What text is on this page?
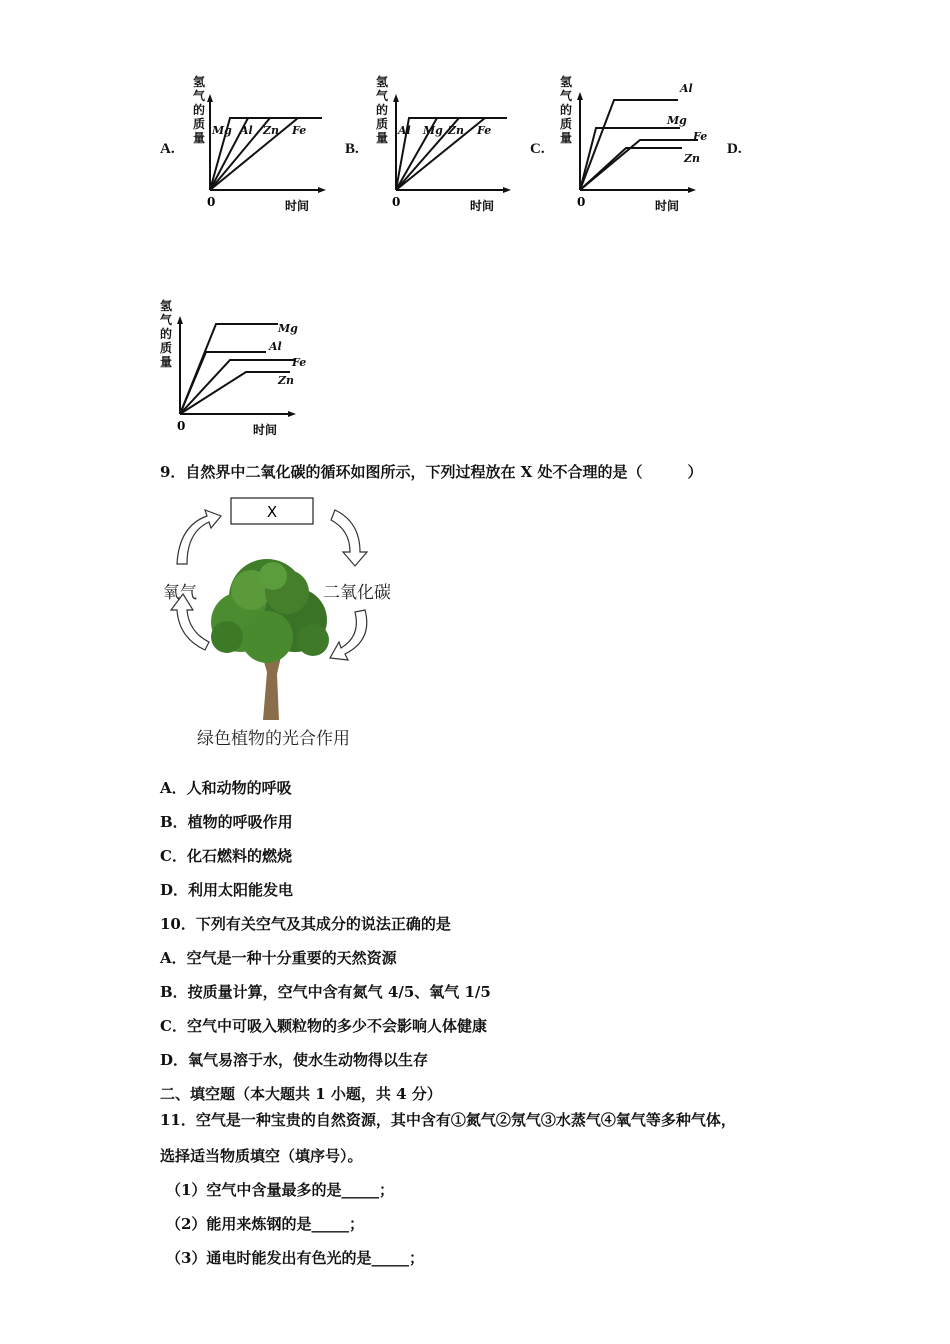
A.	B.	C.	D.
氢
气
的
质
量
Mg Al Zn Fe
0	时间
氢
气
的
质
量
Al Mg Zn Fe
0	时间
氢
气
的
质
量
Al
Mg
Fe
Zn
0	时间
氢
气
的
质
量
Mg
Al
Fe
Zn
0	时间
9．自然界中二氧化碳的循环如图所示，下列过程放在 X 处不合理的是（　　　）
X
氧气	二氧化碳
绿色植物的光合作用
A．人和动物的呼吸
B．植物的呼吸作用
C．化石燃料的燃烧
D．利用太阳能发电
10．下列有关空气及其成分的说法正确的是
A．空气是一种十分重要的天然资源
B．按质量计算，空气中含有氮气 4/5、氧气 1/5
C．空气中可吸入颗粒物的多少不会影响人体健康
D．氧气易溶于水，使水生动物得以生存
二、填空题（本大题共 1 小题，共 4 分）
11．空气是一种宝贵的自然资源，其中含有①氮气②氖气③水蒸气④氧气等多种气体，
选择适当物质填空（填序号）。
（1）空气中含量最多的是_____；
（2）能用来炼钢的是_____；
（3）通电时能发出有色光的是_____；
